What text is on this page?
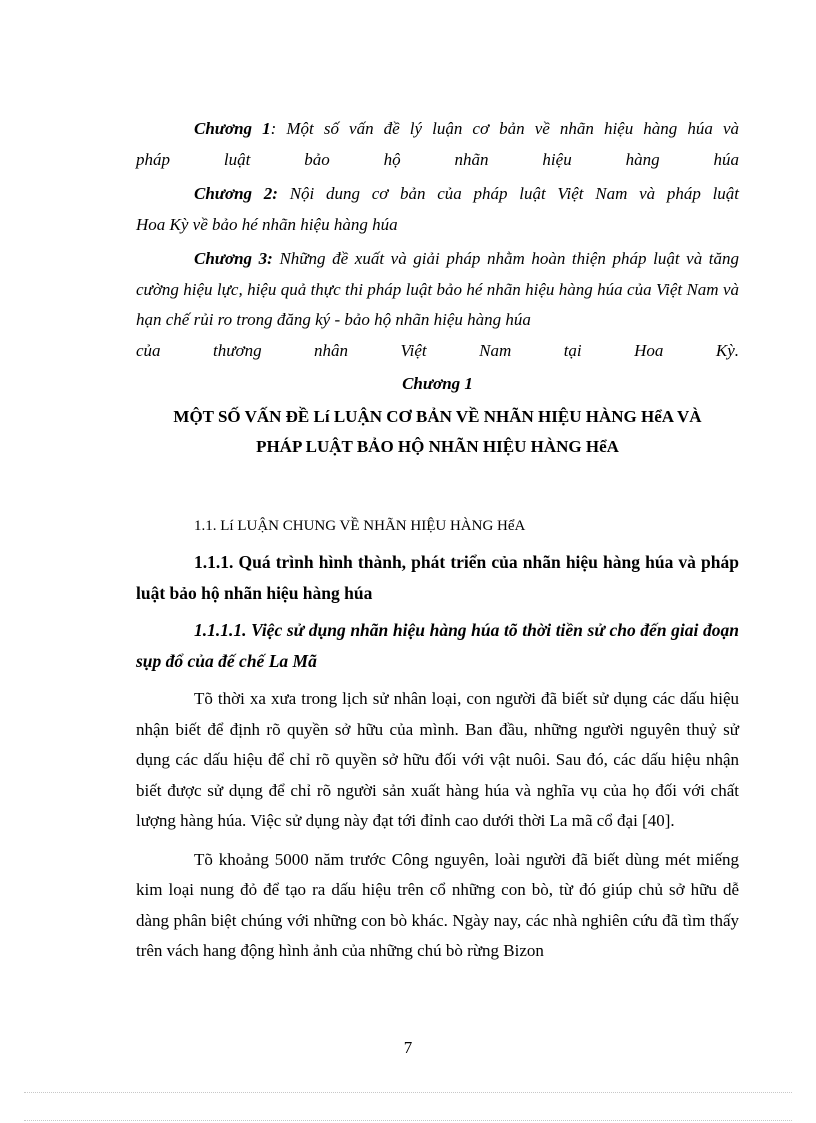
Chương 1: Một số vấn đề lý luận cơ bản về nhãn hiệu hàng húa và

pháp luật bảo hộ nhãn hiệu hàng húa

Chương 2: Nội dung cơ bản của pháp luật Việt Nam và pháp luật

Hoa Kỳ về bảo hé nhãn hiệu hàng húa

Chương 3: Những đề xuất và giải pháp nhằm hoàn thiện pháp luật và tăng cường hiệu lực, hiệu quả thực thi pháp luật bảo hé nhãn hiệu hàng húa của Việt Nam và hạn chế rủi ro trong đăng ký - bảo hộ nhãn hiệu hàng húa

của thương nhân Việt Nam tại Hoa Kỳ.

Chương 1
MỘT SỐ VẤN ĐỀ Lí LUẬN CƠ BẢN VỀ NHÃN HIỆU HÀNG HểA VÀ
PHÁP LUẬT BẢO HỘ NHÃN HIỆU HÀNG HểA

1.1. Lí LUẬN CHUNG VỀ NHÃN HIỆU HÀNG HểA

1.1.1. Quá trình hình thành, phát triển của nhãn hiệu hàng húa và pháp luật bảo hộ nhãn hiệu hàng húa

1.1.1.1. Việc sử dụng nhãn hiệu hàng húa tõ thời tiền sử cho đến giai đoạn sụp đổ của đế chế La Mã

Tõ thời xa xưa trong lịch sử nhân loại, con người đã biết sử dụng các dấu hiệu nhận biết để định rõ quyền sở hữu của mình. Ban đầu, những người nguyên thuỷ sử dụng các dấu hiệu để chỉ rõ quyền sở hữu đối với vật nuôi. Sau đó, các dấu hiệu nhận biết được sử dụng để chỉ rõ người sản xuất hàng húa và nghĩa vụ của họ đối với chất lượng hàng húa. Việc sử dụng này đạt tới đỉnh cao dưới thời La mã cổ đại [40].

Tõ khoảng 5000 năm trước Công nguyên, loài người đã biết dùng mét miếng kim loại nung đỏ để tạo ra dấu hiệu trên cổ những con bò, từ đó giúp chủ sở hữu dễ dàng phân biệt chúng với những con bò khác. Ngày nay, các nhà nghiên cứu đã tìm thấy trên vách hang động hình ảnh của những chú bò rừng Bizon

7
